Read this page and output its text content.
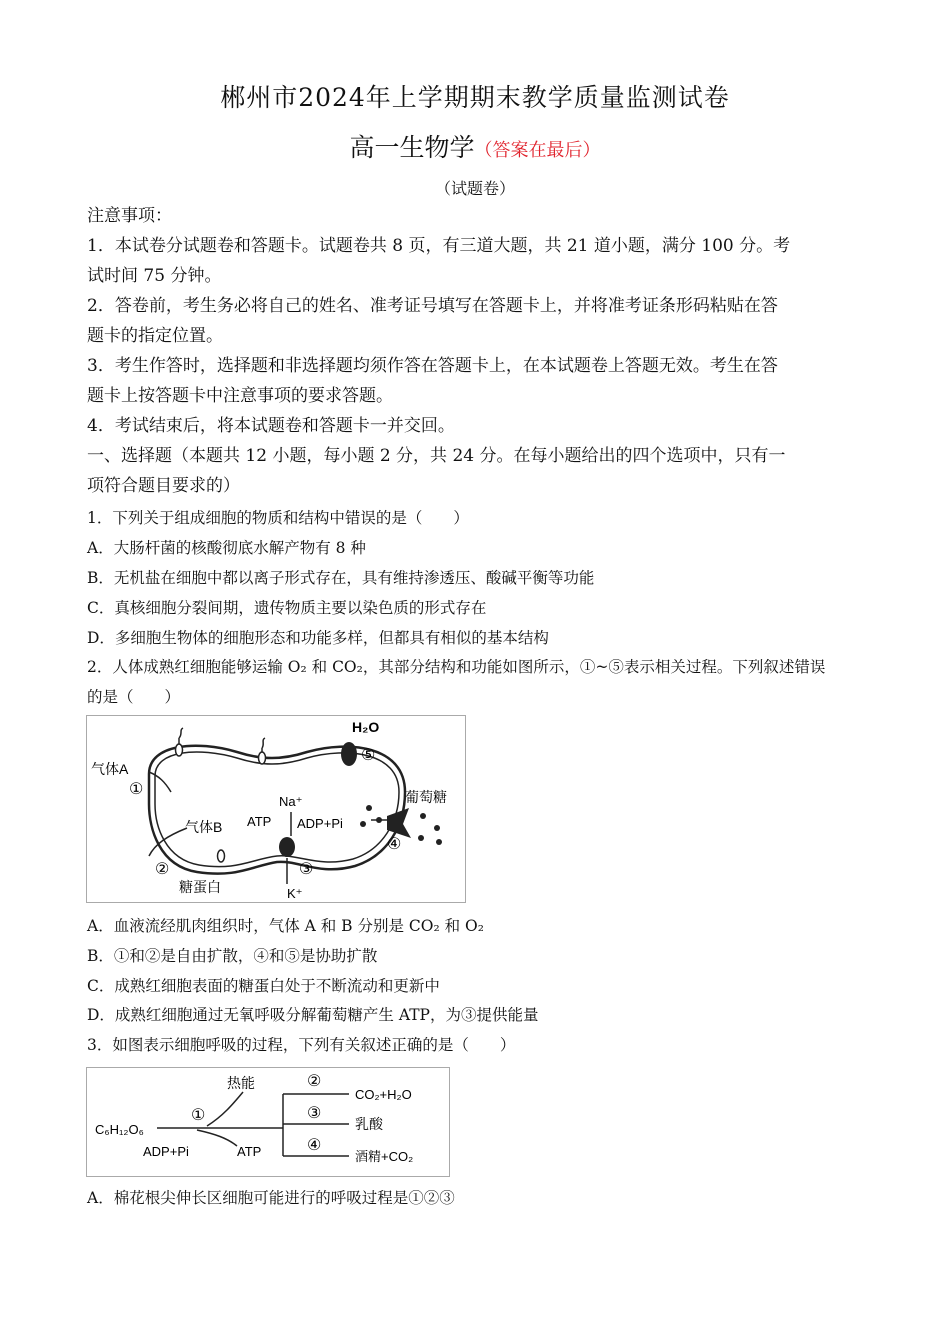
郴州市2024年上学期期末教学质量监测试卷
高一生物学（答案在最后）
（试题卷）
注意事项：
1．本试卷分试题卷和答题卡。试题卷共 8 页，有三道大题，共 21 道小题，满分 100 分。考
试时间 75 分钟。
2．答卷前，考生务必将自己的姓名、准考证号填写在答题卡上，并将准考证条形码粘贴在答
题卡的指定位置。
3．考生作答时，选择题和非选择题均须作答在答题卡上，在本试题卷上答题无效。考生在答
题卡上按答题卡中注意事项的要求答题。
4．考试结束后，将本试题卷和答题卡一并交回。
一、选择题（本题共 12 小题，每小题 2 分，共 24 分。在每小题给出的四个选项中，只有一
项符合题目要求的）
1．下列关于组成细胞的物质和结构中错误的是（　　）
A．大肠杆菌的核酸彻底水解产物有 8 种
B．无机盐在细胞中都以离子形式存在，具有维持渗透压、酸碱平衡等功能
C．真核细胞分裂间期，遗传物质主要以染色质的形式存在
D．多细胞生物体的细胞形态和功能多样，但都具有相似的基本结构
2．人体成熟红细胞能够运输 O₂ 和 CO₂，其部分结构和功能如图所示，①~⑤表示相关过程。下列叙述错误
的是（　　）
H₂O
⑤
气体A
①
Na⁺	葡萄糖
ATP ADP+Pi
气体B
④
③
②
糖蛋白	K⁺
A．血液流经肌肉组织时，气体 A 和 B 分别是 CO₂ 和 O₂
B．①和②是自由扩散，④和⑤是协助扩散
C．成熟红细胞表面的糖蛋白处于不断流动和更新中
D．成熟红细胞通过无氧呼吸分解葡萄糖产生 ATP，为③提供能量
3．如图表示细胞呼吸的过程，下列有关叙述正确的是（　　）
C₆H₁₂O₆
①
热能
ADP+Pi	ATP
②
③
④
CO₂+H₂O
乳酸
酒精+CO₂
A．棉花根尖伸长区细胞可能进行的呼吸过程是①②③
